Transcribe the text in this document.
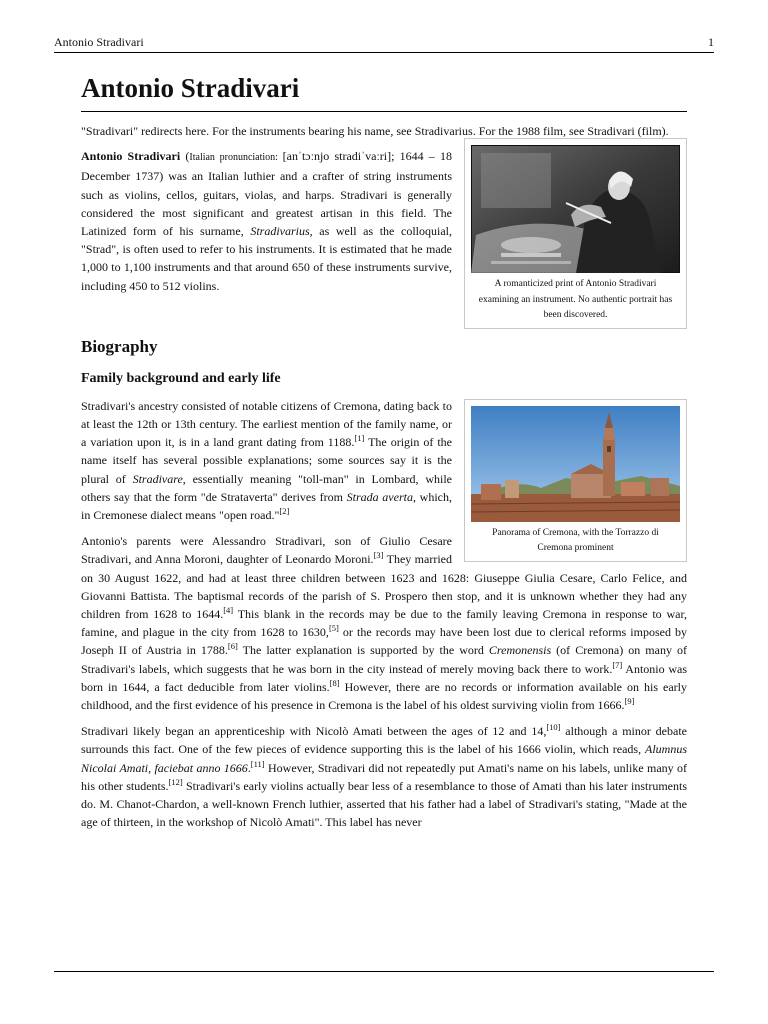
Antonio Stradivari	1
Antonio Stradivari

"Stradivari" redirects here. For the instruments bearing his name, see Stradivarius. For the 1988 film, see Stradivari (film).

A romanticized print of Antonio Stradivari examining an instrument. No authentic portrait has been discovered.

Antonio Stradivari (Italian pronunciation: [anˈtɔːnjo stradiˈvaːri]; 1644 – 18 December 1737) was an Italian luthier and a crafter of string instruments such as violins, cellos, guitars, violas, and harps. Stradivari is generally considered the most significant and greatest artisan in this field. The Latinized form of his surname, Stradivarius, as well as the colloquial, "Strad", is often used to refer to his instruments. It is estimated that he made 1,000 to 1,100 instruments and that around 650 of these instruments survive, including 450 to 512 violins.

Biography
Family background and early life
Panorama of Cremona, with the Torrazzo di Cremona prominent

Stradivari's ancestry consisted of notable citizens of Cremona, dating back to at least the 12th or 13th century. The earliest mention of the family name, or a variation upon it, is in a land grant dating from 1188.[1] The origin of the name itself has several possible explanations; some sources say it is the plural of Stradivare, essentially meaning "toll-man" in Lombard, while others say that the form "de Strataverta" derives from Strada averta, which, in Cremonese dialect means "open road."[2]

Antonio's parents were Alessandro Stradivari, son of Giulio Cesare Stradivari, and Anna Moroni, daughter of Leonardo Moroni.[3] They married on 30 August 1622, and had at least three children between 1623 and 1628: Giuseppe Giulia Cesare, Carlo Felice, and Giovanni Battista. The baptismal records of the parish of S. Prospero then stop, and it is unknown whether they had any children from 1628 to 1644.[4] This blank in the records may be due to the family leaving Cremona in response to war, famine, and plague in the city from 1628 to 1630,[5] or the records may have been lost due to clerical reforms imposed by Joseph II of Austria in 1788.[6] The latter explanation is supported by the word Cremonensis (of Cremona) on many of Stradivari's labels, which suggests that he was born in the city instead of merely moving back there to work.[7] Antonio was born in 1644, a fact deducible from later violins.[8] However, there are no records or information available on his early childhood, and the first evidence of his presence in Cremona is the label of his oldest surviving violin from 1666.[9]

Stradivari likely began an apprenticeship with Nicolò Amati between the ages of 12 and 14,[10] although a minor debate surrounds this fact. One of the few pieces of evidence supporting this is the label of his 1666 violin, which reads, Alumnus Nicolai Amati, faciebat anno 1666.[11] However, Stradivari did not repeatedly put Amati's name on his labels, unlike many of his other students.[12] Stradivari's early violins actually bear less of a resemblance to those of Amati than his later instruments do. M. Chanot-Chardon, a well-known French luthier, asserted that his father had a label of Stradivari's stating, "Made at the age of thirteen, in the workshop of Nicolò Amati". This label has never
